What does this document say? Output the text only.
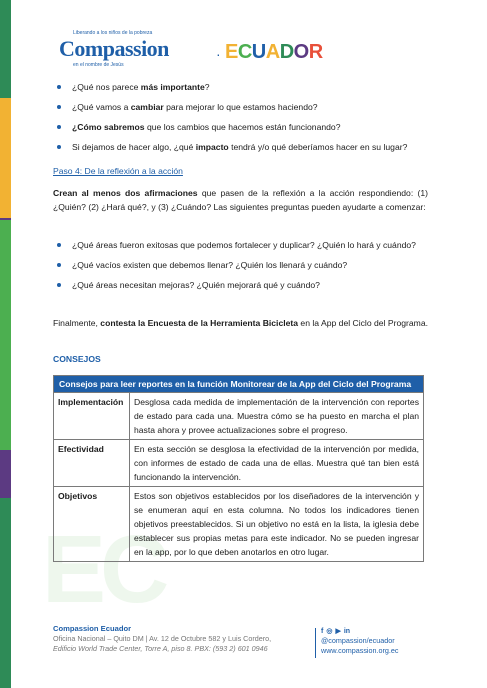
EC
Liberando a los niños de la pobreza
Compassion
en el nombre de Jesús
· ECUADOR
¿Qué nos parece más importante?
¿Qué vamos a cambiar para mejorar lo que estamos haciendo?
¿Cómo sabremos que los cambios que hacemos están funcionando?
Si dejamos de hacer algo, ¿qué impacto tendrá y/o qué deberíamos hacer en su lugar?
Paso 4: De la reflexión a la acción
Crean al menos dos afirmaciones que pasen de la reflexión a la acción respondiendo: (1) ¿Quién? (2) ¿Hará qué?, y (3) ¿Cuándo? Las siguientes preguntas pueden ayudarte a comenzar:
¿Qué áreas fueron exitosas que podemos fortalecer y duplicar? ¿Quién lo hará y cuándo?
¿Qué vacíos existen que debemos llenar? ¿Quién los llenará y cuándo?
¿Qué áreas necesitan mejoras? ¿Quién mejorará qué y cuándo?
Finalmente, contesta la Encuesta de la Herramienta Bicicleta en la App del Ciclo del Programa.
CONSEJOS
Consejos para leer reportes en la función Monitorear de la App del Ciclo del Programa	
Implementación	Desglosa cada medida de implementación de la intervención con reportes de estado para cada una. Muestra cómo se ha puesto en marcha el plan hasta ahora y provee actualizaciones sobre el progreso.
Efectividad	En esta sección se desglosa la efectividad de la intervención por medida, con informes de estado de cada una de ellas. Muestra qué tan bien está funcionando la intervención.
Objetivos	Estos son objetivos establecidos por los diseñadores de la intervención y se enumeran aquí en esta columna. No todos los indicadores tienen objetivos preestablecidos. Si un objetivo no está en la lista, la iglesia debe establecer sus propias metas para este indicador. No se pueden ingresar en la app, por lo que deben anotarlos en otro lugar.
Compassion Ecuador
Oficina Nacional – Quito DM | Av. 12 de Octubre 582 y Luis Cordero,
Edificio World Trade Center, Torre A, piso 8. PBX: (593 2) 601 0946
f ◎ ▶ in
@compassion/ecuador
www.compassion.org.ec
